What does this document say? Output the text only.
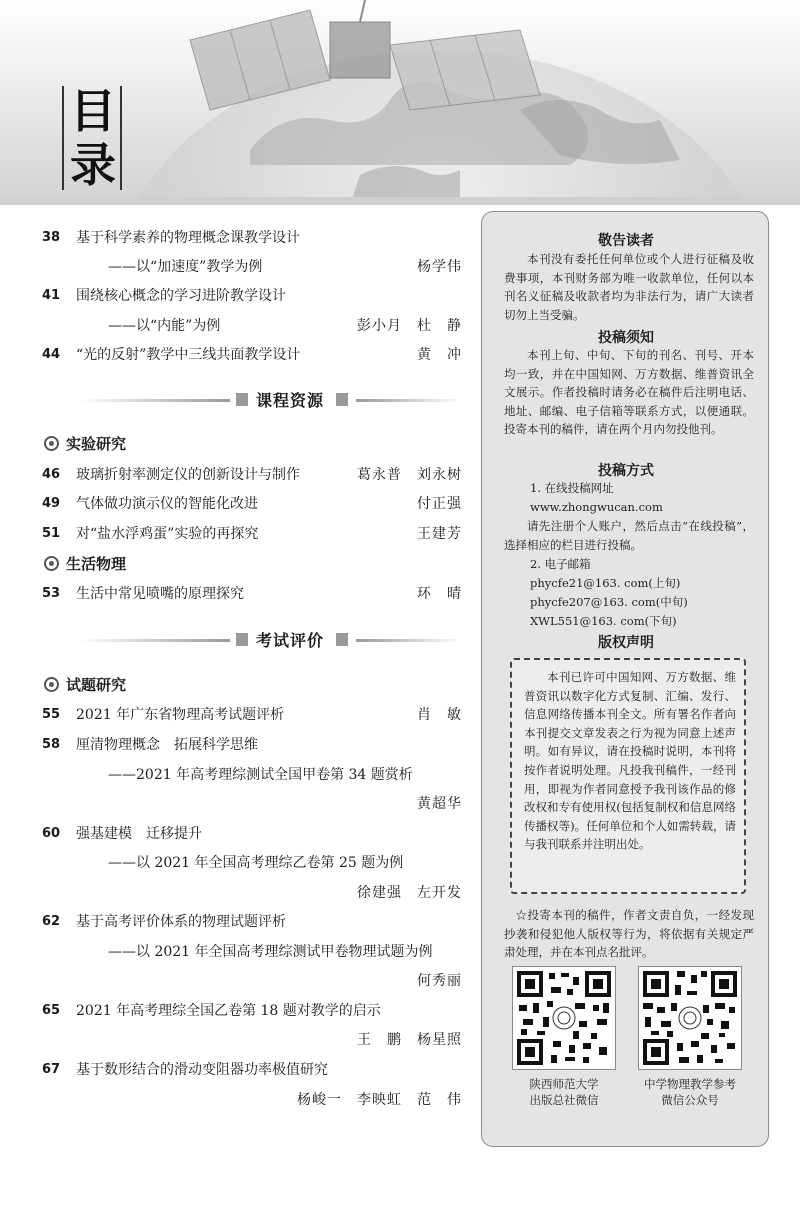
目
录
38	基于科学素养的物理概念课教学设计
——以“加速度”教学为例	杨学伟
41	围绕核心概念的学习进阶教学设计
——以“内能”为例	彭小月　杜　静
44	“光的反射”教学中三线共面教学设计	黄　冲
课程资源
实验研究
46	玻璃折射率测定仪的创新设计与制作	葛永普　刘永树
49	气体做功演示仪的智能化改进	付正强
51	对“盐水浮鸡蛋”实验的再探究	王建芳
生活物理
53	生活中常见喷嘴的原理探究	环　晴
考试评价
试题研究
55	2021 年广东省物理高考试题评析	肖　敏
58	厘清物理概念　拓展科学思维
——2021 年高考理综测试全国甲卷第 34 题赏析
黄超华
60	强基建模　迁移提升
——以 2021 年全国高考理综乙卷第 25 题为例
徐建强　左开发
62	基于高考评价体系的物理试题评析
——以 2021 年全国高考理综测试甲卷物理试题为例
何秀丽
65	2021 年高考理综全国乙卷第 18 题对教学的启示
王　鹏　杨星照
67	基于数形结合的滑动变阻器功率极值研究
杨峻一　李映虹　范　伟
敬告读者
本刊没有委托任何单位或个人进行征稿及收费事项，本刊财务部为唯一收款单位，任何以本刊名义征稿及收款者均为非法行为，请广大读者切勿上当受骗。
投稿须知
本刊上旬、中旬、下旬的刊名、刊号、开本均一致，并在中国知网、万方数据、维普资讯全文展示。作者投稿时请务必在稿件后注明电话、地址、邮编、电子信箱等联系方式，以便通联。投寄本刊的稿件，请在两个月内勿投他刊。
投稿方式
1. 在线投稿网址
www.zhongwucan.com
请先注册个人账户，然后点击“在线投稿”，选择相应的栏目进行投稿。
2. 电子邮箱
phycfe21@163. com(上旬)
phycfe207@163. com(中旬)
XWL551@163. com(下旬)
版权声明
本刊已许可中国知网、万方数据、维普资讯以数字化方式复制、汇编、发行、信息网络传播本刊全文。所有署名作者向本刊提交文章发表之行为视为同意上述声明。如有异议，请在投稿时说明，本刊将按作者说明处理。凡投我刊稿件，一经刊用，即视为作者同意授予我刊该作品的修改权和专有使用权(包括复制权和信息网络传播权等)。任何单位和个人如需转载，请与我刊联系并注明出处。
☆投寄本刊的稿件，作者文责自负，一经发现抄袭和侵犯他人版权等行为，将依据有关规定严肃处理，并在本刊点名批评。
陕西师范大学
出版总社微信
中学物理教学参考
微信公众号
